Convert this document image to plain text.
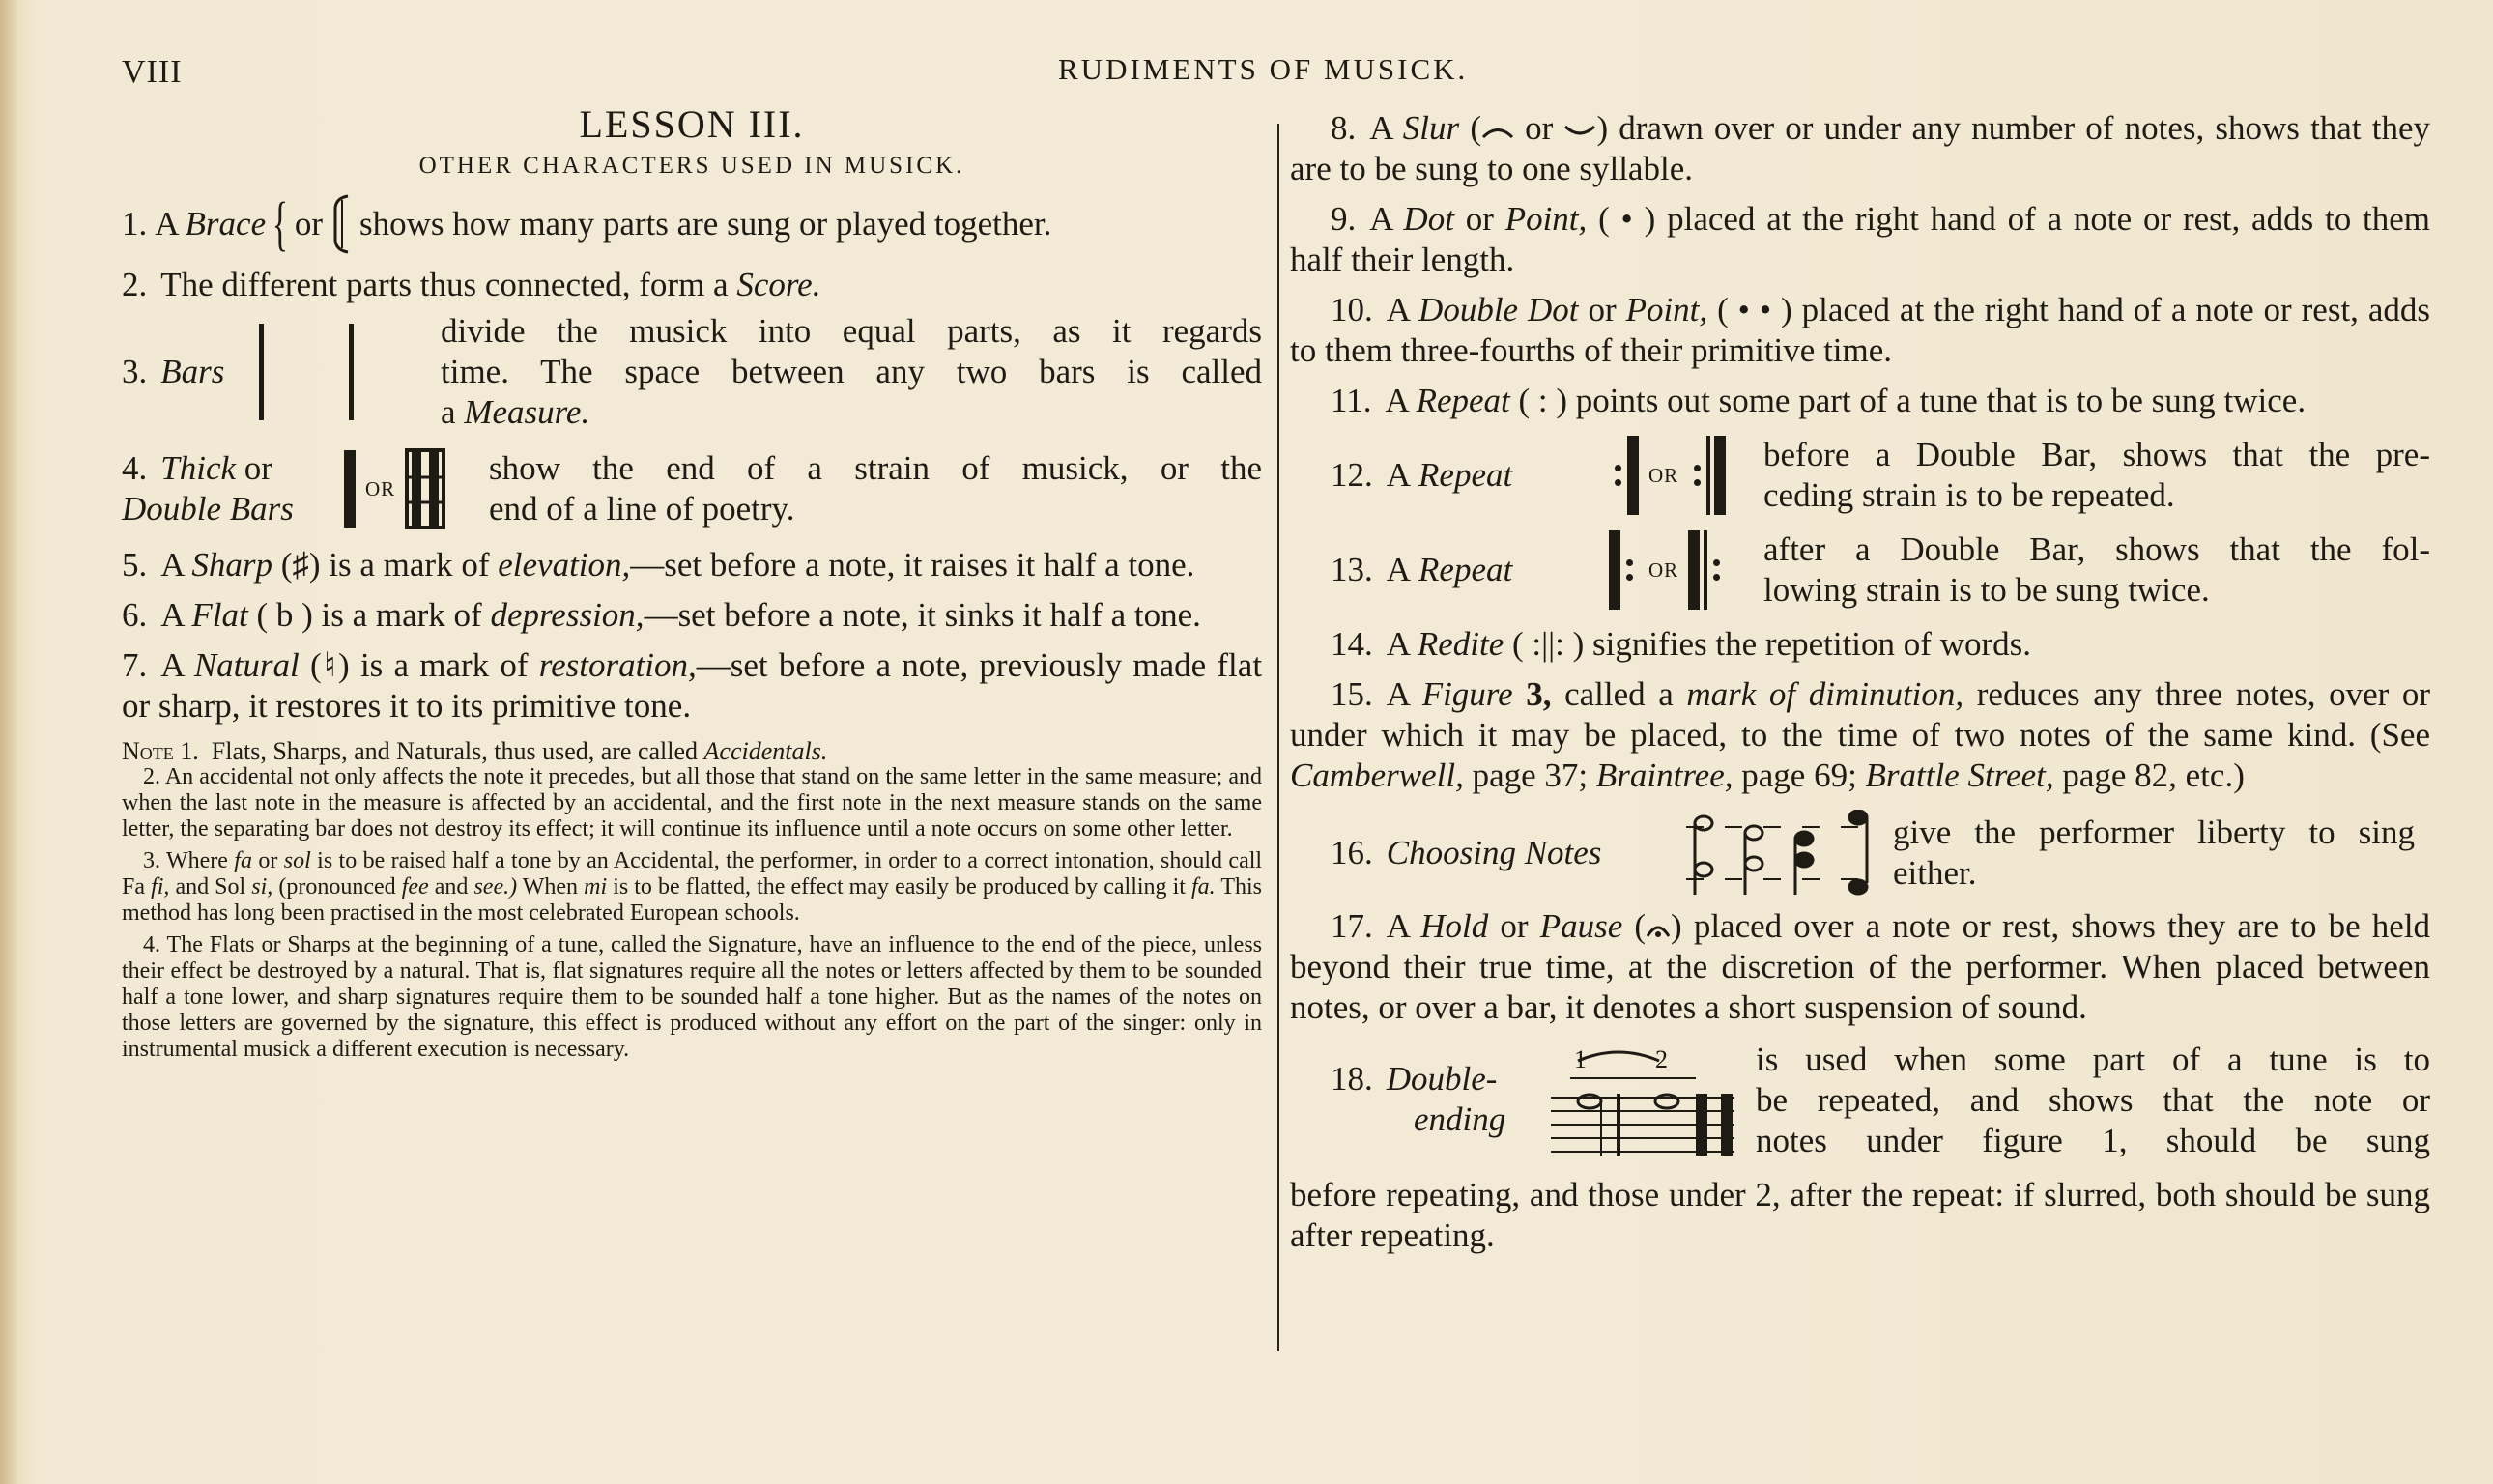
VIII	RUDIMENTS OF MUSICK.
LESSON III.
OTHER CHARACTERS USED IN MUSICK.
1. A Brace { or shows how many parts are sung or played together.
2. The different parts thus connected, form a Score.
3. Bars
divide the musick into equal parts, as it regards
time. The space between any two bars is called
a Measure.
4. Thick or
Double Bars
OR
show the end of a strain of musick, or the
end of a line of poetry.
5. A Sharp (♯) is a mark of elevation,—set before a note, it raises it half a tone.
6. A Flat ( b ) is a mark of depression,—set before a note, it sinks it half a tone.
7. A Natural (♮) is a mark of restoration,—set before a note, previously made flat or sharp, it restores it to its primitive tone.

Note 1. Flats, Sharps, and Naturals, thus used, are called Accidentals.

2. An accidental not only affects the note it precedes, but all those that stand on the same letter in the same measure; and when the last note in the measure is affected by an accidental, and the first note in the next measure stands on the same letter, the separating bar does not destroy its effect; it will continue its influence until a note occurs on some other letter.

3. Where fa or sol is to be raised half a tone by an Accidental, the performer, in order to a correct intonation, should call Fa fi, and Sol si, (pronounced fee and see.) When mi is to be flatted, the effect may easily be produced by calling it fa. This method has long been practised in the most celebrated European schools.

4. The Flats or Sharps at the beginning of a tune, called the Signature, have an influence to the end of the piece, unless their effect be destroyed by a natural. That is, flat signatures require all the notes or letters affected by them to be sounded half a tone lower, and sharp signatures require them to be sounded half a tone higher. But as the names of the notes on those letters are governed by the signature, this effect is produced without any effort on the part of the singer: only in instrumental musick a different execution is necessary.

8. A Slur ( or ) drawn over or under any number of notes, shows that they are to be sung to one syllable.
9. A Dot or Point, ( • ) placed at the right hand of a note or rest, adds to them half their length.
10. A Double Dot or Point, ( • • ) placed at the right hand of a note or rest, adds to them three-fourths of their primitive time.
11. A Repeat ( : ) points out some part of a tune that is to be sung twice.
12. A Repeat	OR
before a Double Bar, shows that the pre-
ceding strain is to be repeated.
13. A Repeat	OR
after a Double Bar, shows that the fol-
lowing strain is to be sung twice.
14. A Redite ( :||: ) signifies the repetition of words.
15. A Figure 3, called a mark of diminution, reduces any three notes, over or under which it may be placed, to the time of two notes of the same kind. (See Camberwell, page 37; Braintree, page 69; Brattle Street, page 82, etc.)
16. Choosing Notes
give the performer liberty to sing
either.
17. A Hold or Pause ( ) placed over a note or rest, shows they are to be held beyond their true time, at the discretion of the performer. When placed between notes, or over a bar, it denotes a short suspension of sound.
18. Double-
ending
1	2	is used when some part of a tune is to
be repeated, and shows that the note or
notes under figure 1, should be sung
before repeating, and those under 2, after the repeat: if slurred, both should be sung after repeating.
